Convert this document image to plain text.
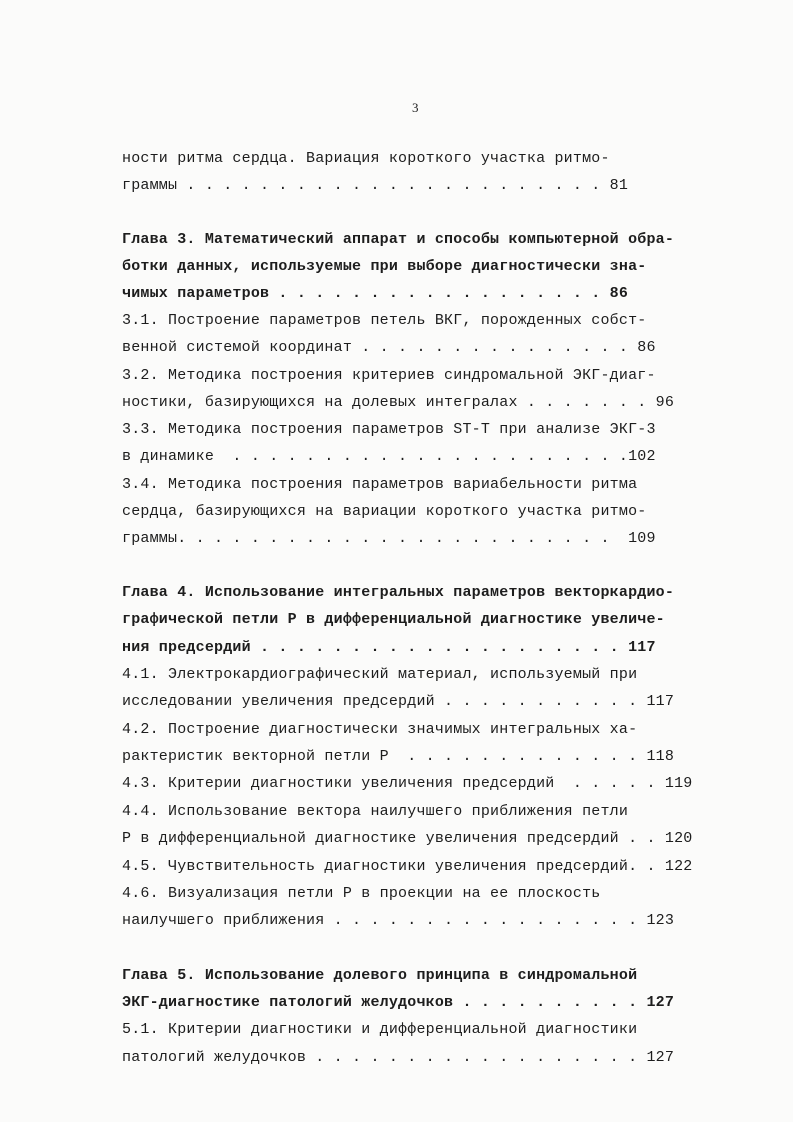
3
ности ритма сердца. Вариация короткого участка ритмо-
граммы . . . . . . . . . . . . . . . . . . . . . . . 81
Глава 3. Математический аппарат и способы компьютерной обра-
ботки данных, используемые при выборе диагностически зна-
чимых параметров . . . . . . . . . . . . . . . . . . 86
3.1. Построение параметров петель ВКГ, порожденных собст-
венной системой координат . . . . . . . . . . . . . . . 86
3.2. Методика построения критериев синдромальной ЭКГ-диаг-
ностики, базирующихся на долевых интегралах . . . . . . . 96
3.3. Методика построения параметров ST-T при анализе ЭКГ-3
в динамике  . . . . . . . . . . . . . . . . . . . . . .102
3.4. Методика построения параметров вариабельности ритма
сердца, базирующихся на вариации короткого участка ритмо-
граммы. . . . . . . . . . . . . . . . . . . . . . . .  109
Глава 4. Использование интегральных параметров векторкардио-
графической петли P в дифференциальной диагностике увеличе-
ния предсердий . . . . . . . . . . . . . . . . . . . . 117
4.1. Электрокардиографический материал, используемый при
исследовании увеличения предсердий . . . . . . . . . . . 117
4.2. Построение диагностически значимых интегральных ха-
рактеристик векторной петли P  . . . . . . . . . . . . . 118
4.3. Критерии диагностики увеличения предсердий  . . . . . 119
4.4. Использование вектора наилучшего приближения петли
P в дифференциальной диагностике увеличения предсердий . . 120
4.5. Чувствительность диагностики увеличения предсердий. . 122
4.6. Визуализация петли P в проекции на ее плоскость
наилучшего приближения . . . . . . . . . . . . . . . . . 123
Глава 5. Использование долевого принципа в синдромальной
ЭКГ-диагностике патологий желудочков . . . . . . . . . . 127
5.1. Критерии диагностики и дифференциальной диагностики
патологий желудочков . . . . . . . . . . . . . . . . . . 127
